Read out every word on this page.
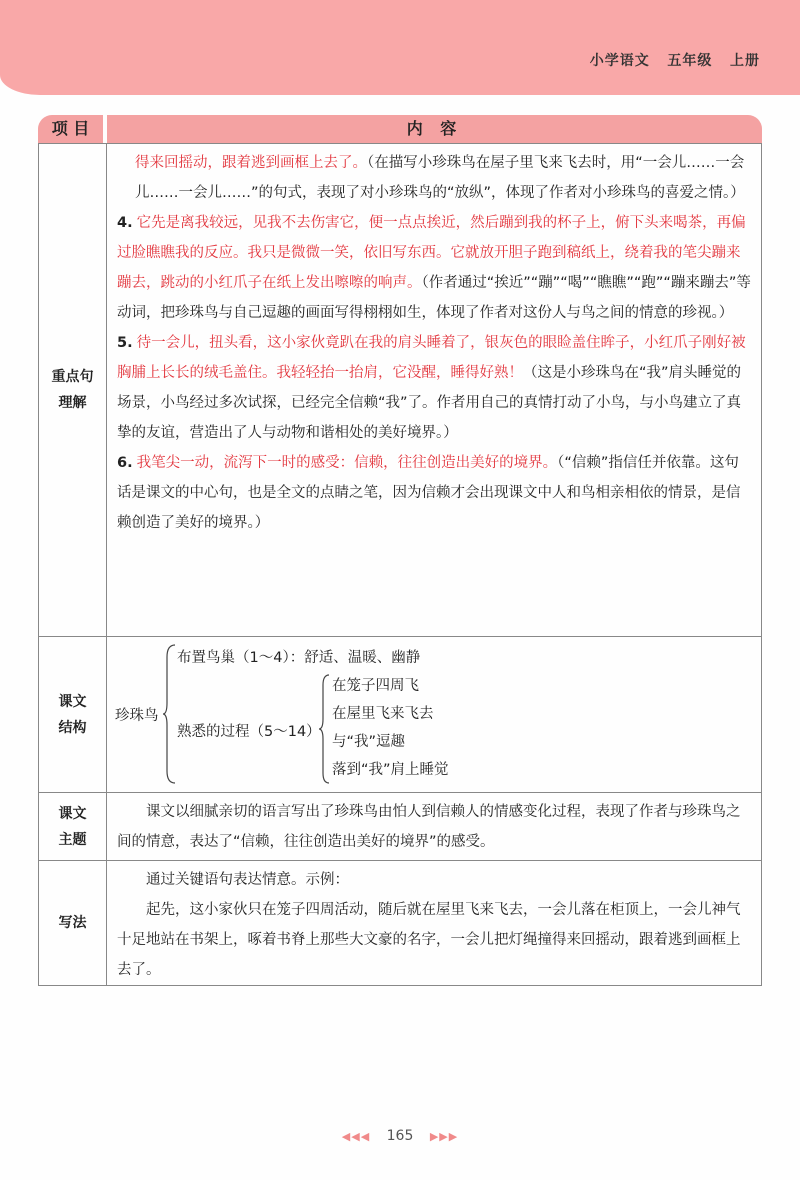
小学语文 五年级 上册
项 目	内 容
重点句
理解
得来回摇动，跟着逃到画框上去了。（在描写小珍珠鸟在屋子里飞来飞去时，用“一会儿……一会儿……一会儿……”的句式，表现了对小珍珠鸟的“放纵”，体现了作者对小珍珠鸟的喜爱之情。）
4. 它先是离我较远，见我不去伤害它，便一点点挨近，然后蹦到我的杯子上，俯下头来喝茶，再偏过脸瞧瞧我的反应。我只是微微一笑，依旧写东西。它就放开胆子跑到稿纸上，绕着我的笔尖蹦来蹦去，跳动的小红爪子在纸上发出嚓嚓的响声。（作者通过“挨近”“蹦”“喝”“瞧瞧”“跑”“蹦来蹦去”等动词，把珍珠鸟与自己逗趣的画面写得栩栩如生，体现了作者对这份人与鸟之间的情意的珍视。）
5. 待一会儿，扭头看，这小家伙竟趴在我的肩头睡着了，银灰色的眼睑盖住眸子，小红爪子刚好被胸脯上长长的绒毛盖住。我轻轻抬一抬肩，它没醒，睡得好熟！（这是小珍珠鸟在“我”肩头睡觉的场景，小鸟经过多次试探，已经完全信赖“我”了。作者用自己的真情打动了小鸟，与小鸟建立了真挚的友谊，营造出了人与动物和谐相处的美好境界。）
6. 我笔尖一动，流泻下一时的感受：信赖，往往创造出美好的境界。（“信赖”指信任并依靠。这句话是课文的中心句，也是全文的点睛之笔，因为信赖才会出现课文中人和鸟相亲相依的情景，是信赖创造了美好的境界。）
课文
结构
珍珠鸟
布置鸟巢（1～4）：舒适、温暖、幽静
熟悉的过程（5～14）
在笼子四周飞
在屋里飞来飞去
与“我”逗趣
落到“我”肩上睡觉
课文
主题
课文以细腻亲切的语言写出了珍珠鸟由怕人到信赖人的情感变化过程，表现了作者与珍珠鸟之间的情意，表达了“信赖，往往创造出美好的境界”的感受。
写法
通过关键语句表达情意。示例：
起先，这小家伙只在笼子四周活动，随后就在屋里飞来飞去，一会儿落在柜顶上，一会儿神气十足地站在书架上，啄着书脊上那些大文豪的名字，一会儿把灯绳撞得来回摇动，跟着逃到画框上去了。
◀◀◀ 165 ▶▶▶
